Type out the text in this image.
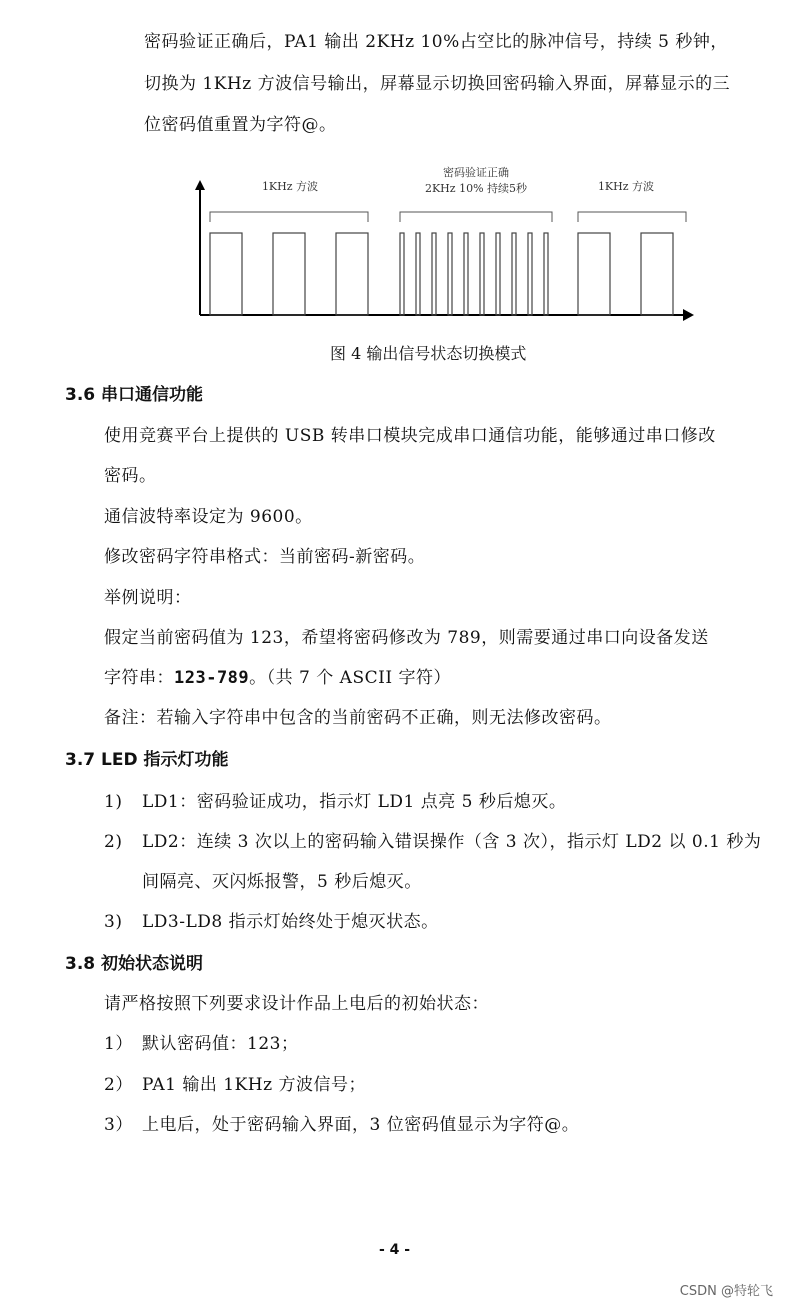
密码验证正确后，PA1 输出 2KHz 10%占空比的脉冲信号，持续 5 秒钟，
切换为 1KHz 方波信号输出，屏幕显示切换回密码输入界面，屏幕显示的三
位密码值重置为字符@。
1KHz 方波
密码验证正确
2KHz 10% 持续5秒	1KHz 方波
图 4 输出信号状态切换模式
3.6 串口通信功能
使用竞赛平台上提供的 USB 转串口模块完成串口通信功能，能够通过串口修改
密码。
通信波特率设定为 9600。
修改密码字符串格式：当前密码-新密码。
举例说明：
假定当前密码值为 123，希望将密码修改为 789，则需要通过串口向设备发送
字符串：123-789。（共 7 个 ASCII 字符）
备注：若输入字符串中包含的当前密码不正确，则无法修改密码。
3.7 LED 指示灯功能
1) LD1：密码验证成功，指示灯 LD1 点亮 5 秒后熄灭。
2) LD2：连续 3 次以上的密码输入错误操作（含 3 次），指示灯 LD2 以 0.1 秒为
间隔亮、灭闪烁报警，5 秒后熄灭。
3) LD3-LD8 指示灯始终处于熄灭状态。
3.8 初始状态说明
请严格按照下列要求设计作品上电后的初始状态：
1） 默认密码值：123；
2） PA1 输出 1KHz 方波信号；
3） 上电后，处于密码输入界面，3 位密码值显示为字符@。
- 4 -
CSDN @特轮飞
